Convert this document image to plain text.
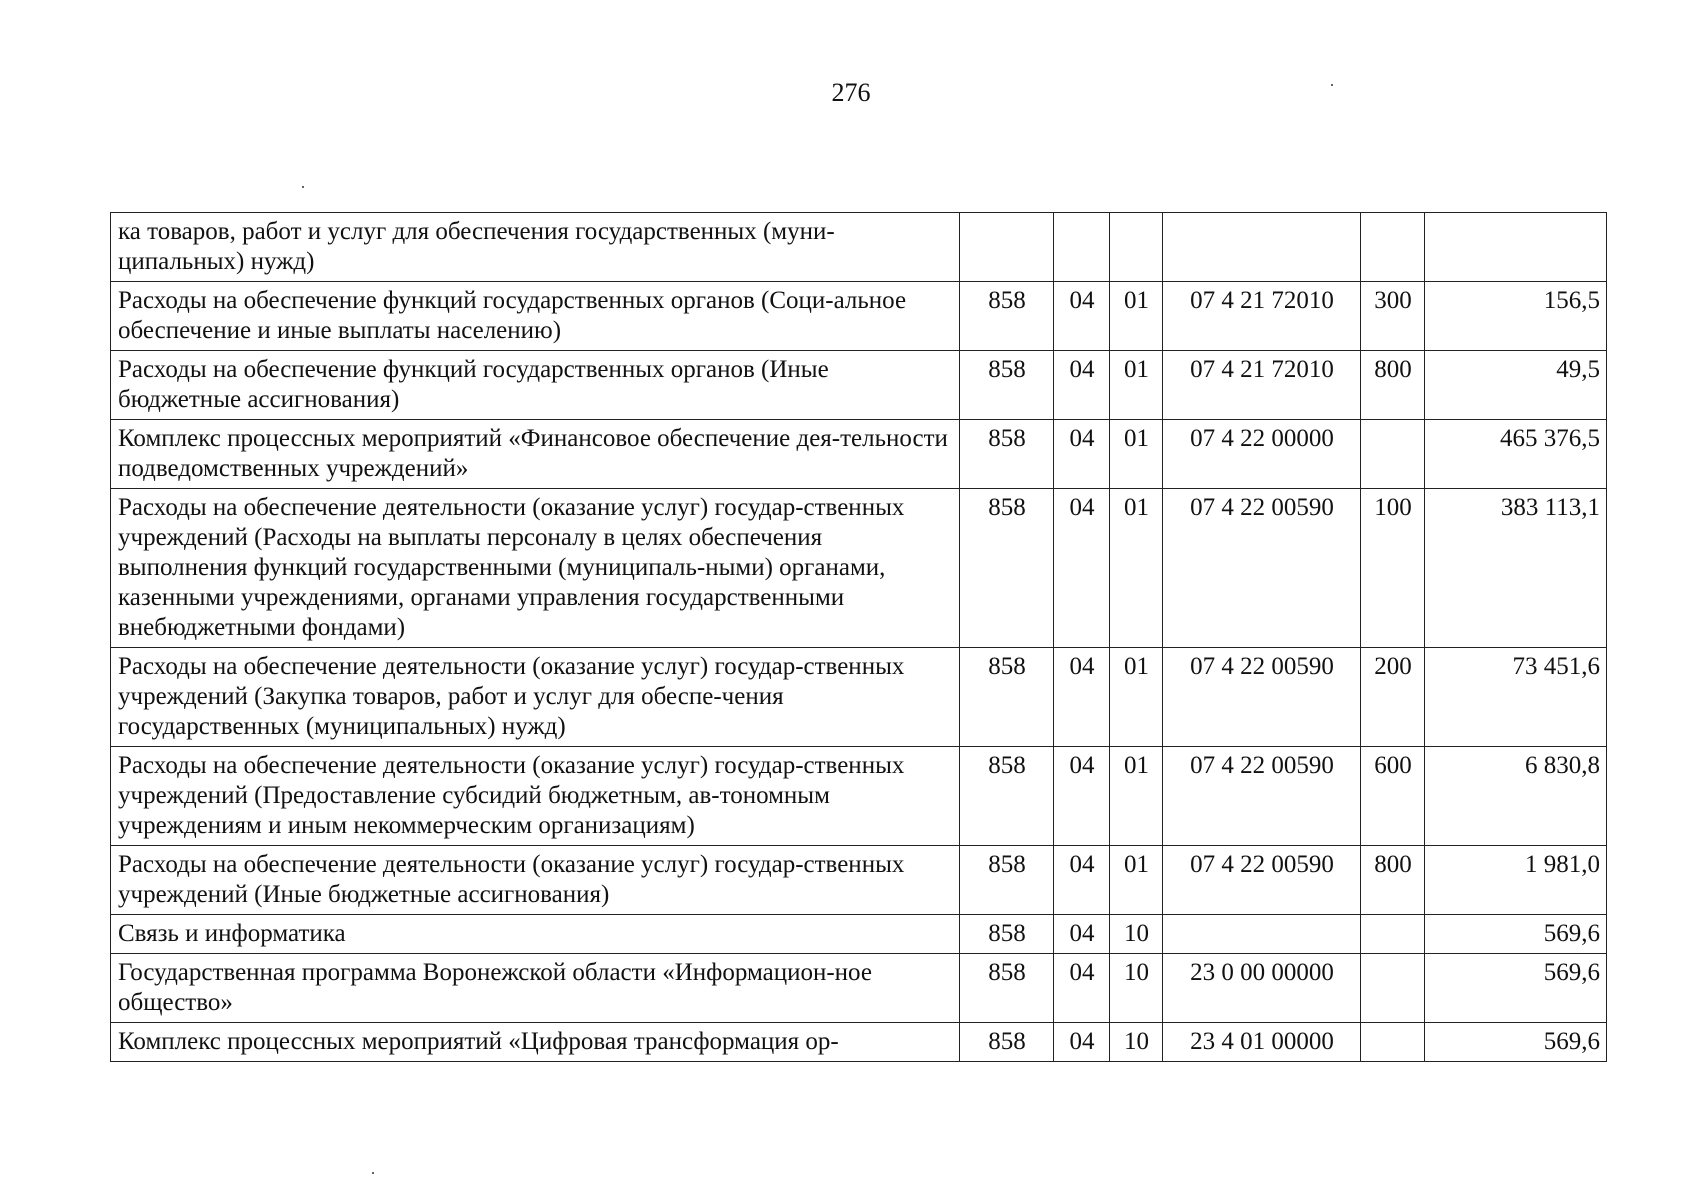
276
ка товаров, работ и услуг для обеспечения государственных (муни-ципальных) нужд)						
Расходы на обеспечение функций государственных органов (Соци-альное обеспечение и иные выплаты населению)	858	04	01	07 4 21 72010	300	156,5
Расходы на обеспечение функций государственных органов (Иные бюджетные ассигнования)	858	04	01	07 4 21 72010	800	49,5
Комплекс процессных мероприятий «Финансовое обеспечение дея-тельности подведомственных учреждений»	858	04	01	07 4 22 00000		465 376,5
Расходы на обеспечение деятельности (оказание услуг) государ-ственных учреждений (Расходы на выплаты персоналу в целях обеспечения выполнения функций государственными (муниципаль-ными) органами, казенными учреждениями, органами управления государственными внебюджетными фондами)	858	04	01	07 4 22 00590	100	383 113,1
Расходы на обеспечение деятельности (оказание услуг) государ-ственных учреждений (Закупка товаров, работ и услуг для обеспе-чения государственных (муниципальных) нужд)	858	04	01	07 4 22 00590	200	73 451,6
Расходы на обеспечение деятельности (оказание услуг) государ-ственных учреждений (Предоставление субсидий бюджетным, ав-тономным учреждениям и иным некоммерческим организациям)	858	04	01	07 4 22 00590	600	6 830,8
Расходы на обеспечение деятельности (оказание услуг) государ-ственных учреждений (Иные бюджетные ассигнования)	858	04	01	07 4 22 00590	800	1 981,0
Связь и информатика	858	04	10			569,6
Государственная программа Воронежской области «Информацион-ное общество»	858	04	10	23 0 00 00000		569,6
Комплекс процессных мероприятий «Цифровая трансформация ор-	858	04	10	23 4 01 00000		569,6
